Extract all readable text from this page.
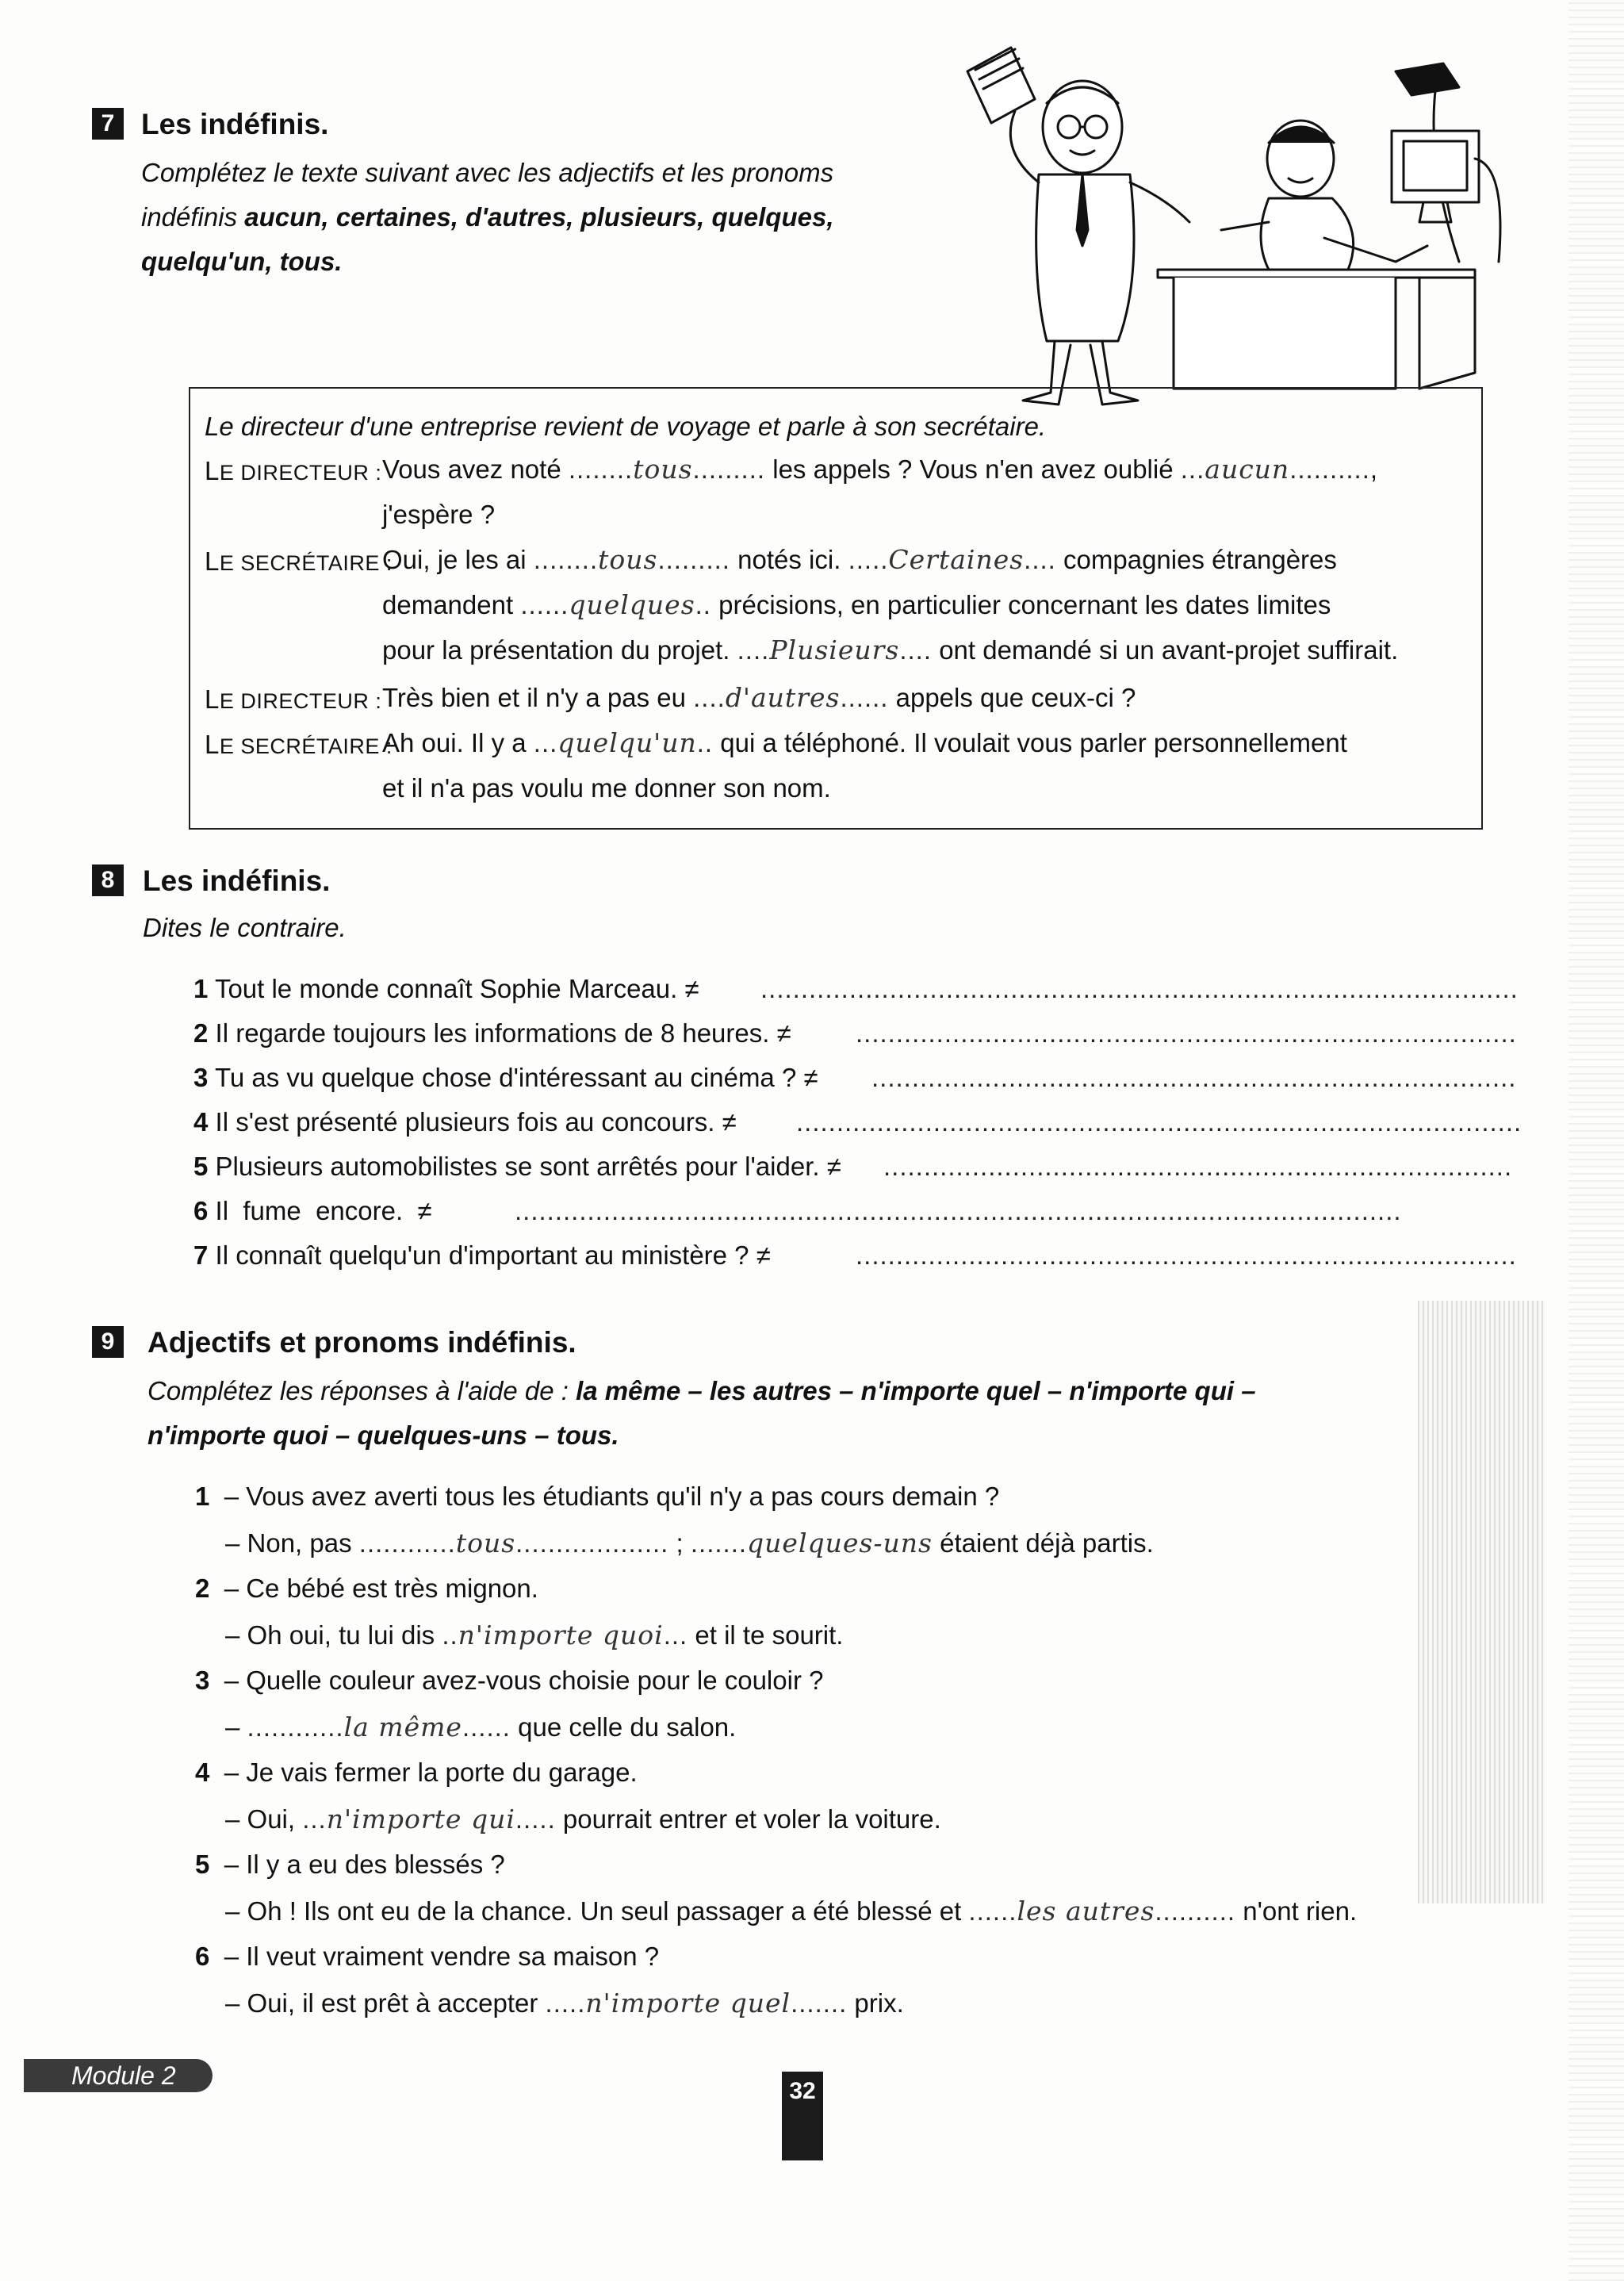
7 Les indéfinis.
Complétez le texte suivant avec les adjectifs et les pronoms
indéfinis aucun, certaines, d'autres, plusieurs, quelques,
quelqu'un, tous.
Le directeur d'une entreprise revient de voyage et parle à son secrétaire.
LE DIRECTEUR : Vous avez noté ........tous......... les appels ? Vous n'en avez oublié ...aucun..........,
j'espère ?
LE SECRÉTAIRE :
Oui, je les ai ........tous......... notés ici. .....Certaines.... compagnies étrangères
demandent ......quelques.. précisions, en particulier concernant les dates limites
pour la présentation du projet. ....Plusieurs.... ont demandé si un avant-projet suffirait.
LE DIRECTEUR : Très bien et il n'y a pas eu ....d'autres...... appels que ceux-ci ?
LE SECRÉTAIRE :
Ah oui. Il y a ...quelqu'un.. qui a téléphoné. Il voulait vous parler personnellement
et il n'a pas voulu me donner son nom.
8 Les indéfinis.
Dites le contraire.
1 Tout le monde connaît Sophie Marceau. ≠ ..............................................................................................
2 Il regarde toujours les informations de 8 heures. ≠ ..................................................................................
3 Tu as vu quelque chose d'intéressant au cinéma ? ≠ ................................................................................
4 Il s'est présenté plusieurs fois au concours. ≠ ..........................................................................................
5 Plusieurs automobilistes se sont arrêtés pour l'aider. ≠ ..............................................................................
6 Il  fume  encore.  ≠	..............................................................................................................
7 Il connaît quelqu'un d'important au ministère ? ≠	..................................................................................
9	Adjectifs et pronoms indéfinis.
Complétez les réponses à l'aide de : la même – les autres – n'importe quel – n'importe qui –
n'importe quoi – quelques-uns – tous.
1 – Vous avez averti tous les étudiants qu'il n'y a pas cours demain ?
– Non, pas ............tous................... ; .......quelques-uns étaient déjà partis.
2 – Ce bébé est très mignon.
– Oh oui, tu lui dis ..n'importe quoi... et il te sourit.
3 – Quelle couleur avez-vous choisie pour le couloir ?
– ............la même...... que celle du salon.
4 – Je vais fermer la porte du garage.
– Oui, ...n'importe qui..... pourrait entrer et voler la voiture.
5 – Il y a eu des blessés ?
– Oh ! Ils ont eu de la chance. Un seul passager a été blessé et ......les autres.......... n'ont rien.
6 – Il veut vraiment vendre sa maison ?
– Oui, il est prêt à accepter .....n'importe quel....... prix.
Module 2
32
